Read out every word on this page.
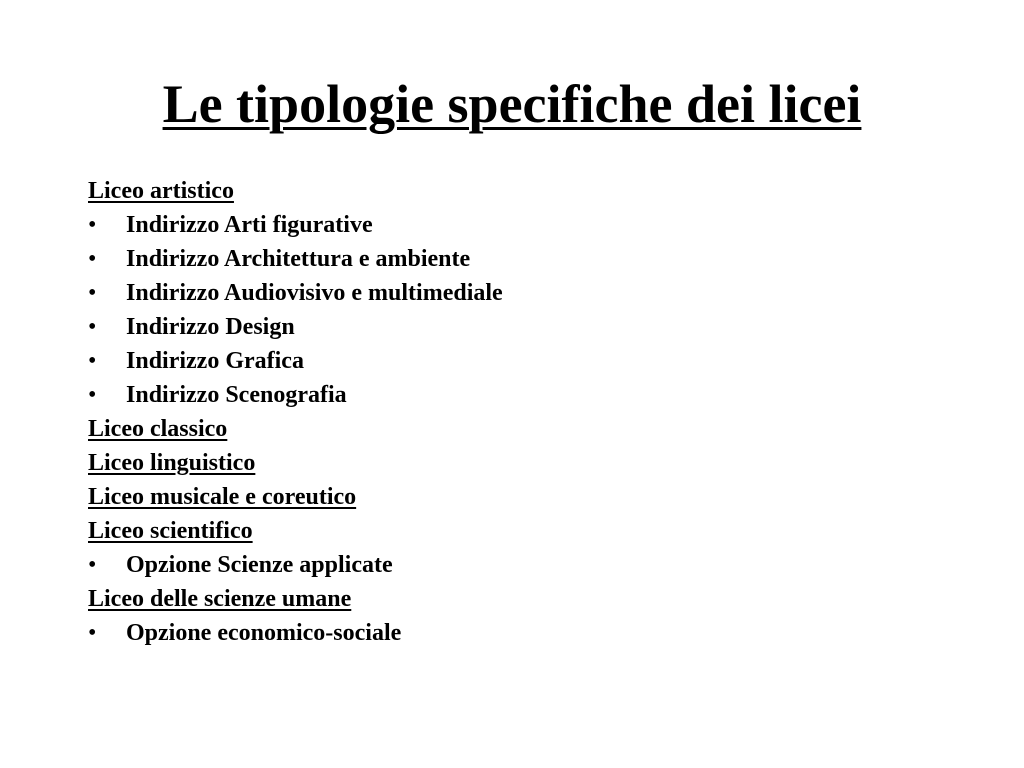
Le tipologie specifiche dei licei
Liceo artistico
•	Indirizzo Arti figurative
•	Indirizzo Architettura e ambiente
•	Indirizzo Audiovisivo e multimediale
•	Indirizzo Design
•	Indirizzo Grafica
•	Indirizzo Scenografia
Liceo classico
Liceo linguistico
Liceo musicale e coreutico
Liceo scientifico
•	Opzione Scienze applicate
Liceo delle scienze umane
•	Opzione economico-sociale
